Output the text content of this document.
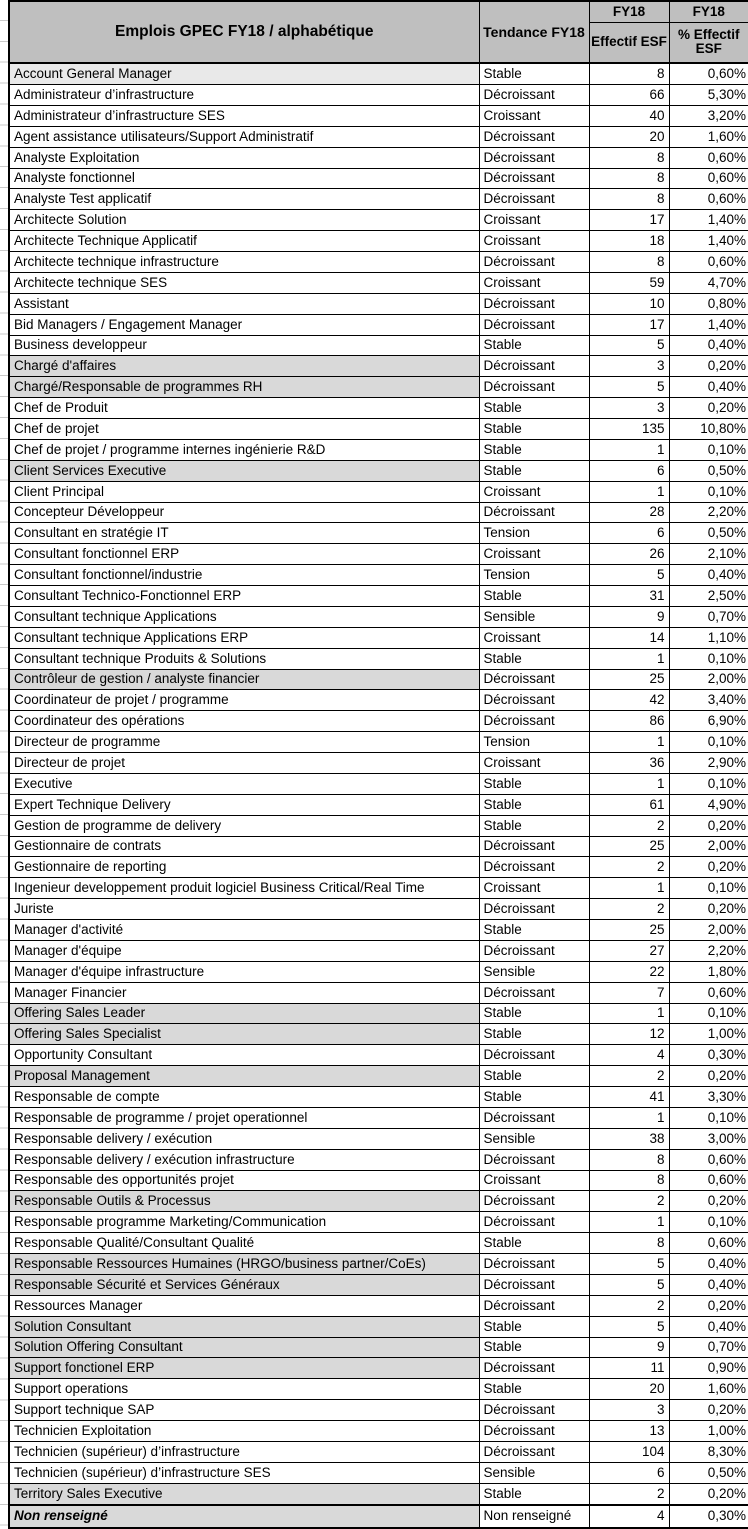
Emplois GPEC FY18 / alphabétique	Tendance FY18	FY18	FY18
		Effectif ESF	% Effectif ESF
Account General Manager	Stable	8	0,60%
Administrateur d’infrastructure	Décroissant	66	5,30%
Administrateur d’infrastructure SES	Croissant	40	3,20%
Agent assistance utilisateurs/Support Administratif	Décroissant	20	1,60%
Analyste Exploitation	Décroissant	8	0,60%
Analyste fonctionnel	Décroissant	8	0,60%
Analyste Test applicatif	Décroissant	8	0,60%
Architecte Solution	Croissant	17	1,40%
Architecte Technique Applicatif	Croissant	18	1,40%
Architecte technique infrastructure	Décroissant	8	0,60%
Architecte technique SES	Croissant	59	4,70%
Assistant	Décroissant	10	0,80%
Bid Managers / Engagement Manager	Décroissant	17	1,40%
Business developpeur	Stable	5	0,40%
Chargé d'affaires	Décroissant	3	0,20%
Chargé/Responsable de programmes RH	Décroissant	5	0,40%
Chef de Produit	Stable	3	0,20%
Chef de projet	Stable	135	10,80%
Chef de projet / programme internes ingénierie R&D	Stable	1	0,10%
Client Services Executive	Stable	6	0,50%
Client Principal	Croissant	1	0,10%
Concepteur Développeur	Décroissant	28	2,20%
Consultant en stratégie IT	Tension	6	0,50%
Consultant fonctionnel ERP	Croissant	26	2,10%
Consultant fonctionnel/industrie	Tension	5	0,40%
Consultant Technico-Fonctionnel ERP	Stable	31	2,50%
Consultant technique Applications	Sensible	9	0,70%
Consultant technique Applications ERP	Croissant	14	1,10%
Consultant technique Produits & Solutions	Stable	1	0,10%
Contrôleur de gestion / analyste financier	Décroissant	25	2,00%
Coordinateur de projet / programme	Décroissant	42	3,40%
Coordinateur des opérations	Décroissant	86	6,90%
Directeur de programme	Tension	1	0,10%
Directeur de projet	Croissant	36	2,90%
Executive	Stable	1	0,10%
Expert Technique Delivery	Stable	61	4,90%
Gestion de programme de delivery	Stable	2	0,20%
Gestionnaire de contrats	Décroissant	25	2,00%
Gestionnaire de reporting	Décroissant	2	0,20%
Ingenieur developpement produit logiciel Business Critical/Real Time	Croissant	1	0,10%
Juriste	Décroissant	2	0,20%
Manager d'activité	Stable	25	2,00%
Manager d'équipe	Décroissant	27	2,20%
Manager d'équipe infrastructure	Sensible	22	1,80%
Manager Financier	Décroissant	7	0,60%
Offering Sales Leader	Stable	1	0,10%
Offering Sales Specialist	Stable	12	1,00%
Opportunity Consultant	Décroissant	4	0,30%
Proposal Management	Stable	2	0,20%
Responsable de compte	Stable	41	3,30%
Responsable de programme / projet operationnel	Décroissant	1	0,10%
Responsable delivery / exécution	Sensible	38	3,00%
Responsable delivery / exécution infrastructure	Décroissant	8	0,60%
Responsable des opportunités projet	Croissant	8	0,60%
Responsable Outils & Processus	Décroissant	2	0,20%
Responsable programme Marketing/Communication	Décroissant	1	0,10%
Responsable Qualité/Consultant Qualité	Stable	8	0,60%
Responsable Ressources Humaines (HRGO/business partner/CoEs)	Décroissant	5	0,40%
Responsable Sécurité et Services Généraux	Décroissant	5	0,40%
Ressources Manager	Décroissant	2	0,20%
Solution Consultant	Stable	5	0,40%
Solution Offering Consultant	Stable	9	0,70%
Support fonctionel ERP	Décroissant	11	0,90%
Support operations	Stable	20	1,60%
Support technique SAP	Décroissant	3	0,20%
Technicien Exploitation	Décroissant	13	1,00%
Technicien (supérieur) d’infrastructure	Décroissant	104	8,30%
Technicien (supérieur) d’infrastructure SES	Sensible	6	0,50%
Territory Sales Executive	Stable	2	0,20%
Non renseigné	Non renseigné	4	0,30%
